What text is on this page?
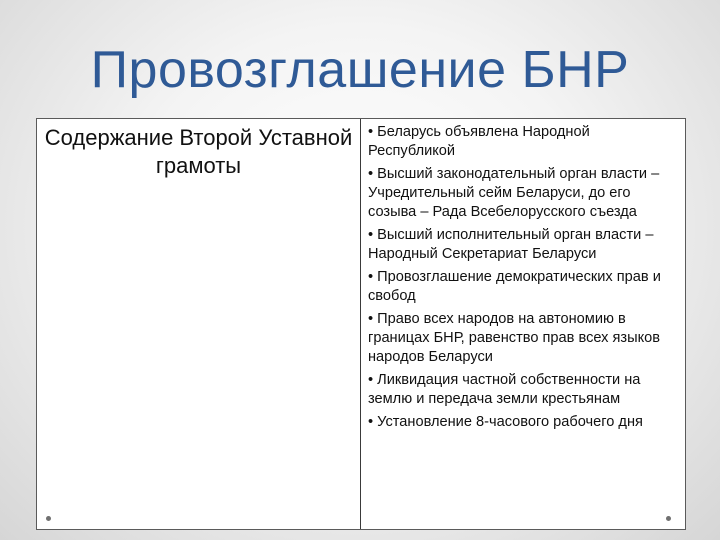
Провозглашение БНР
Содержание Второй Уставной грамоты
• Беларусь объявлена Народной Республикой
• Высший законодательный орган власти – Учредительный сейм Беларуси, до его созыва – Рада Всебелорусского съезда
• Высший исполнительный орган власти – Народный Секретариат Беларуси
• Провозглашение демократических прав и свобод
• Право всех народов на автономию в границах БНР, равенство прав всех языков народов Беларуси
• Ликвидация частной собственности на землю и передача земли крестьянам
• Установление 8-часового рабочего дня
